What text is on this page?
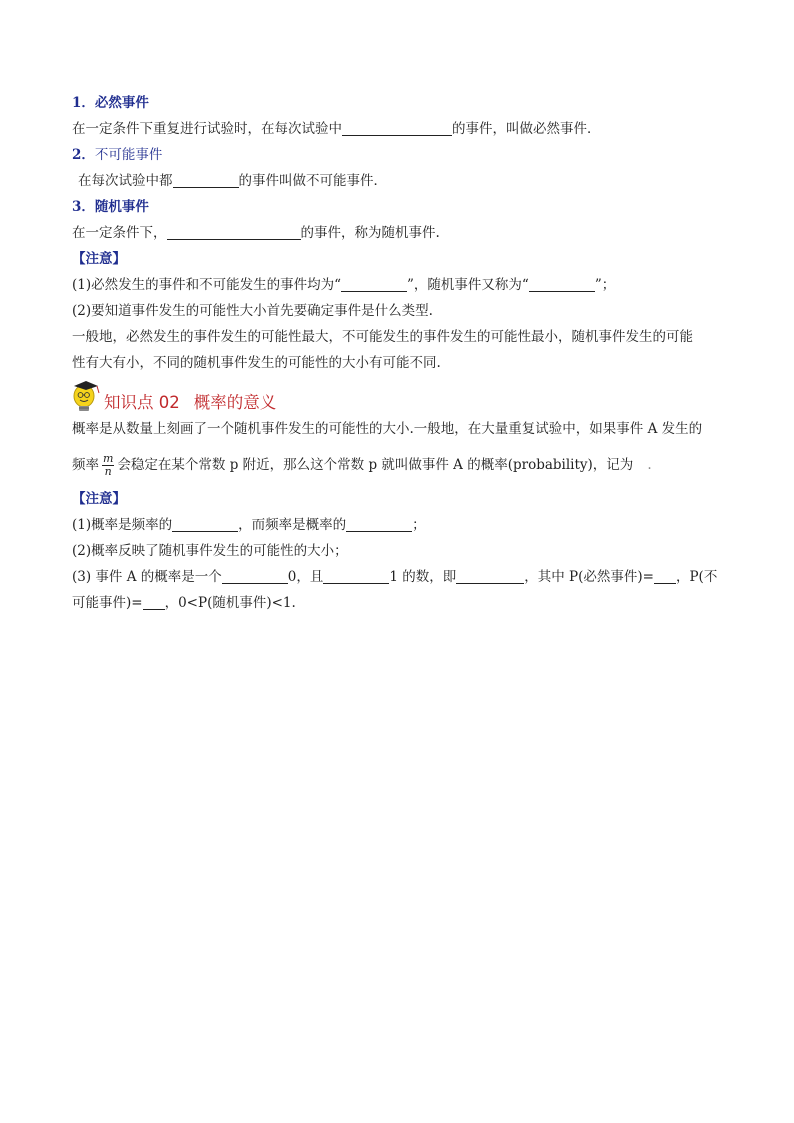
1．必然事件

在一定条件下重复进行试验时，在每次试验中	的事件，叫做必然事件．

2．不可能事件

在每次试验中都	的事件叫做不可能事件．

3．随机事件

在一定条件下，	的事件，称为随机事件.

【注意】

(1)必然发生的事件和不可能发生的事件均为“	”，随机事件又称为“	”；

(2)要知道事件发生的可能性大小首先要确定事件是什么类型.

一般地，必然发生的事件发生的可能性最大，不可能发生的事件发生的可能性最小，随机事件发生的可能

性有大有小，不同的随机事件发生的可能性的大小有可能不同.

知识点 02 概率的意义

概率是从数量上刻画了一个随机事件发生的可能性的大小.一般地，在大量重复试验中，如果事件 A 发生的

频率 $\frac{m}{n}$ 会稳定在某个常数 p 附近，那么这个常数 p 就叫做事件 A 的概率(probability)，记为 .

【注意】

(1)概率是频率的	，而频率是概率的	；

(2)概率反映了随机事件发生的可能性的大小；

(3) 事件 A 的概率是一个	0，且	1 的数，即	，其中 P(必然事件)= ，P(不

可能事件)= ，0<P(随机事件)<1.
